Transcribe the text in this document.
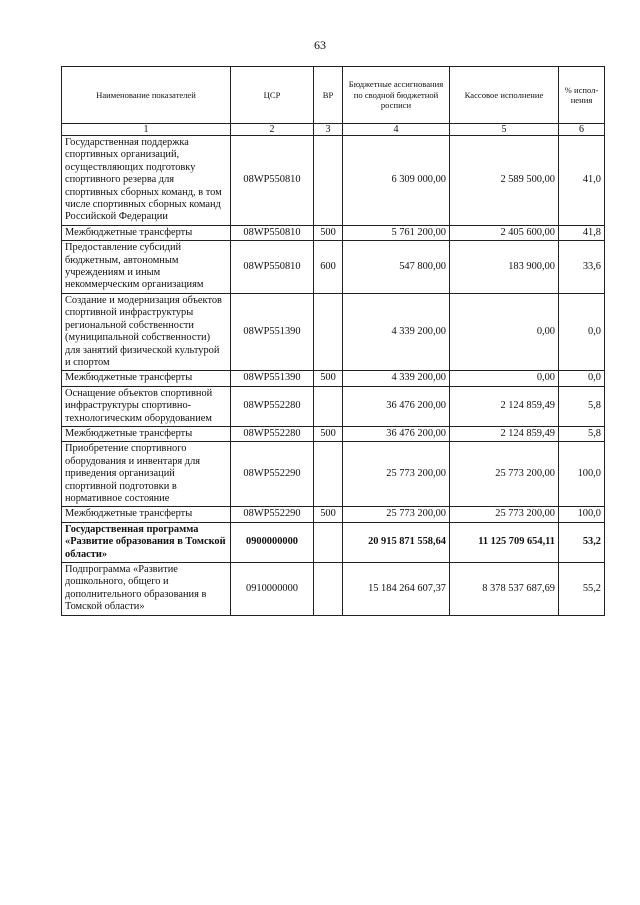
63
Наименование показателей	ЦСР	ВР	Бюджетные ассигнования по сводной бюджетной росписи	Кассовое исполнение	% испол-нения
1	2	3	4	5	6
Государственная поддержка спортивных организаций, осуществляющих подготовку спортивного резерва для спортивных сборных команд, в том числе спортивных сборных команд Российской Федерации	08WP550810		6 309 000,00	2 589 500,00	41,0
Межбюджетные трансферты	08WP550810	500	5 761 200,00	2 405 600,00	41,8
Предоставление субсидий бюджетным, автономным учреждениям и иным некоммерческим организациям	08WP550810	600	547 800,00	183 900,00	33,6
Создание и модернизация объектов спортивной инфраструктуры региональной собственности (муниципальной собственности) для занятий физической культурой и спортом	08WP551390		4 339 200,00	0,00	0,0
Межбюджетные трансферты	08WP551390	500	4 339 200,00	0,00	0,0
Оснащение объектов спортивной инфраструктуры спортивно-технологическим оборудованием	08WP552280		36 476 200,00	2 124 859,49	5,8
Межбюджетные трансферты	08WP552280	500	36 476 200,00	2 124 859,49	5,8
Приобретение спортивного оборудования и инвентаря для приведения организаций спортивной подготовки в нормативное состояние	08WP552290		25 773 200,00	25 773 200,00	100,0
Межбюджетные трансферты	08WP552290	500	25 773 200,00	25 773 200,00	100,0
Государственная программа «Развитие образования в Томской области»	0900000000		20 915 871 558,64	11 125 709 654,11	53,2
Подпрограмма «Развитие дошкольного, общего и дополнительного образования в Томской области»	0910000000		15 184 264 607,37	8 378 537 687,69	55,2
